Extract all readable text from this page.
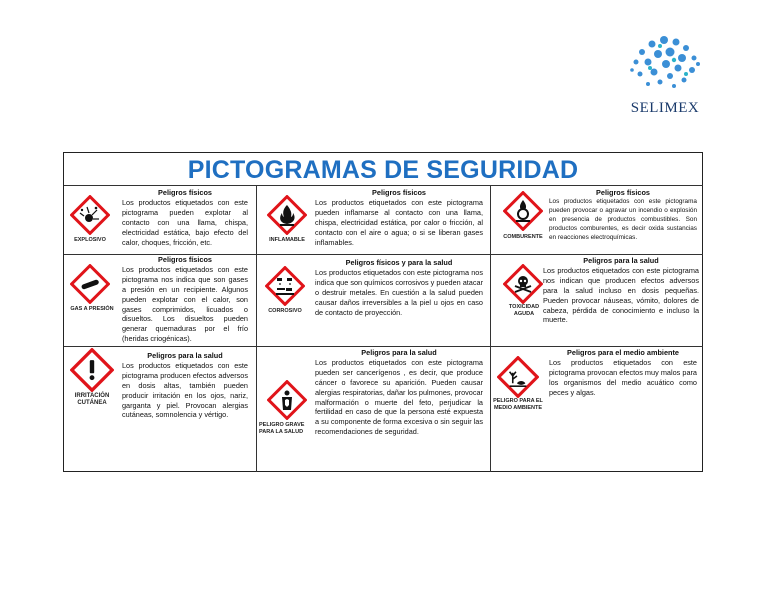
SELIMEX
PICTOGRAMAS DE SEGURIDAD
EXPLOSIVO
Peligros físicos
Los productos etiquetados con este pictograma pueden explotar al contacto con una llama, chispa, electricidad estática, bajo efecto del calor, choques, fricción, etc.	INFLAMABLE
Peligros físicos
Los productos etiquetados con este pictograma pueden inflamarse al contacto con una llama, chispa, electricidad estática, por calor o fricción, al contacto con el aire o agua; o si se liberan gases inflamables.
COMBURENTE
Peligros físicos
Los productos etiquetados con este pictograma pueden provocar o agravar un incendio o explosión en presencia de productos combustibles. Son productos comburentes, es decir oxida sustancias en reacciones electroquímicas.
GAS A PRESIÓN
Peligros físicos
Los productos etiquetados con este pictograma nos indica que son gases a presión en un recipiente. Algunos pueden explotar con el calor, son gases comprimidos, licuados o disueltos. Los disueltos pueden generar quemaduras por el frío (heridas criogénicas).
CORROSIVO
Peligros físicos y para la salud
Los productos etiquetados con este pictograma nos indica que son químicos corrosivos y pueden atacar o destruir metales. En cuestión a la salud pueden causar daños irreversibles a la piel u ojos en caso de contacto de proyección.
TOXICIDAD AGUDA
Peligros para la salud
Los productos etiquetados con este pictograma nos indican que producen efectos adversos para la salud incluso en dosis pequeñas. Pueden provocar náuseas, vómito, dolores de cabeza, pérdida de conocimiento e incluso la muerte.
IRRITACIÓN CUTÁNEA
Peligros para la salud
Los productos etiquetados con este pictograma producen efectos adversos en dosis altas, también pueden producir irritación en los ojos, nariz, garganta y piel. Provocan alergias cutáneas, somnolencia y vértigo.
PELIGRO GRAVE PARA LA SALUD
Peligros para la salud
Los productos etiquetados con este pictograma pueden ser cancerígenos , es decir, que produce cáncer o favorece su aparición. Pueden causar alergias respiratorias, dañar los pulmones, provocar malformación o muerte del feto, perjudicar la fertilidad en caso de que la persona esté expuesta a su componente de forma excesiva o sin seguir las recomendaciones de seguridad.
PELIGRO PARA EL MEDIO AMBIENTE
Peligros para el medio ambiente
Los productos etiquetados con este pictograma provocan efectos muy malos para los organismos del medio acuático como peces y algas.
